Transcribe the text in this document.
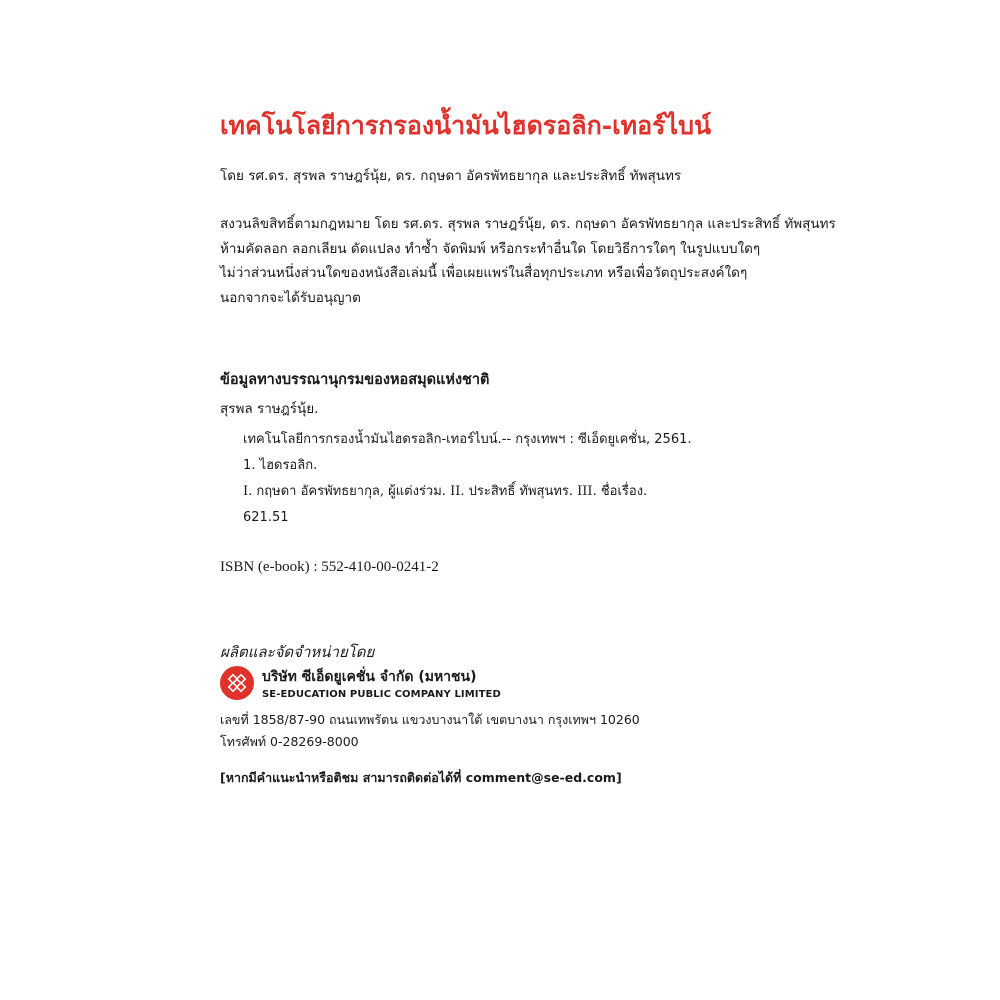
เทคโนโลยีการกรองน้ำมันไฮดรอลิก-เทอร์ไบน์
โดย รศ.ดร. สุรพล ราษฎร์นุ้ย, ดร. กฤษดา อัครพัทธยากุล และประสิทธิ์ ทัพสุนทร
สงวนลิขสิทธิ์ตามกฎหมาย โดย รศ.ดร. สุรพล ราษฎร์นุ้ย, ดร. กฤษดา อัครพัทธยากุล และประสิทธิ์ ทัพสุนทร
ห้ามคัดลอก ลอกเลียน ดัดแปลง ทำซ้ำ จัดพิมพ์ หรือกระทำอื่นใด โดยวิธีการใดๆ ในรูปแบบใดๆ
ไม่ว่าส่วนหนึ่งส่วนใดของหนังสือเล่มนี้ เพื่อเผยแพร่ในสื่อทุกประเภท หรือเพื่อวัตถุประสงค์ใดๆ
นอกจากจะได้รับอนุญาต
ข้อมูลทางบรรณานุกรมของหอสมุดแห่งชาติ
สุรพล ราษฎร์นุ้ย.
เทคโนโลยีการกรองน้ำมันไฮดรอลิก-เทอร์ไบน์.-- กรุงเทพฯ : ซีเอ็ดยูเคชั่น, 2561.
1. ไฮดรอลิก.
I. กฤษดา อัครพัทธยากุล, ผู้แต่งร่วม. II. ประสิทธิ์ ทัพสุนทร. III. ชื่อเรื่อง.
621.51
ISBN (e-book) : 552-410-00-0241-2
ผลิตและจัดจำหน่ายโดย
บริษัท ซีเอ็ดยูเคชั่น จำกัด (มหาชน)
SE-EDUCATION PUBLIC COMPANY LIMITED
เลขที่ 1858/87-90 ถนนเทพรัตน แขวงบางนาใต้ เขตบางนา กรุงเทพฯ 10260
โทรศัพท์ 0-28269-8000
[หากมีคำแนะนำหรือติชม สามารถติดต่อได้ที่ comment@se-ed.com]
